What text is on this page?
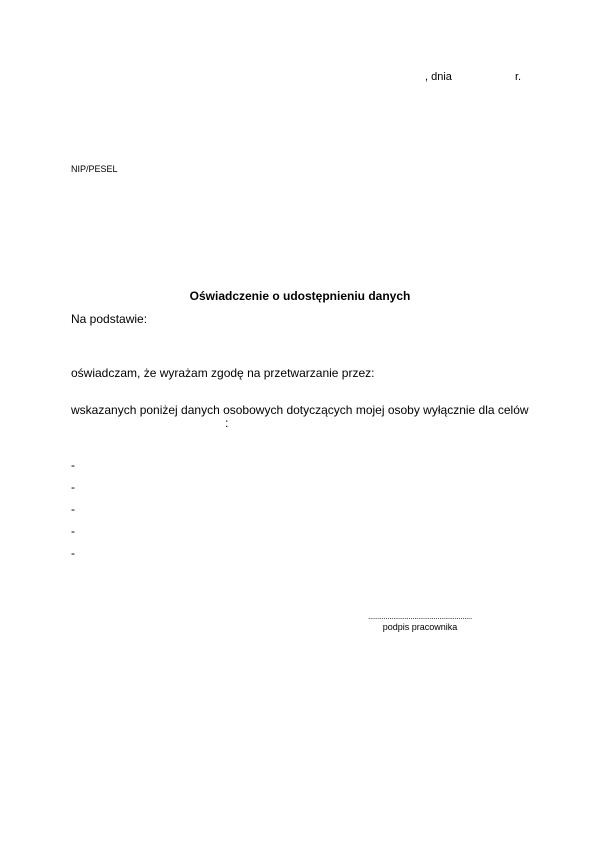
, dnia	r.
NIP/PESEL
Oświadczenie o udostępnieniu danych
Na podstawie:
oświadczam, że wyrażam zgodę na przetwarzanie przez:
wskazanych poniżej danych osobowych dotyczących mojej osoby wyłącznie dla celów
:
-
-
-
-
-
......................................................
podpis pracownika
